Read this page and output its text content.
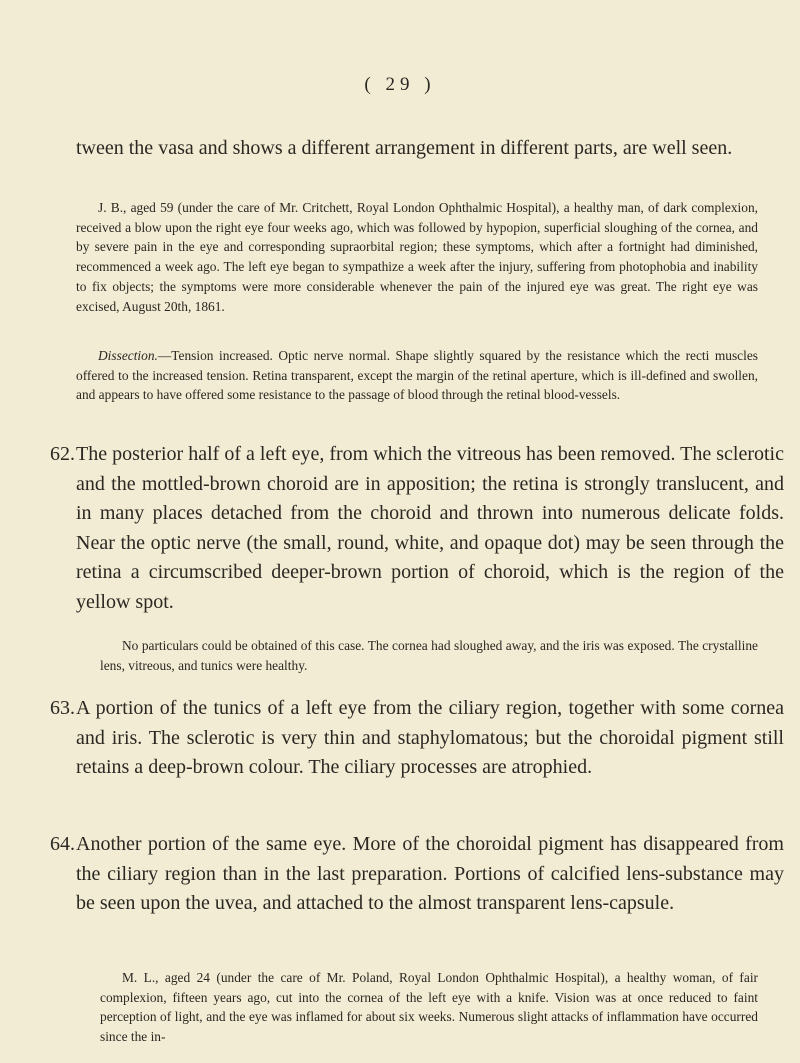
( 29 )

tween the vasa and shows a different arrangement in different parts, are well seen.

J. B., aged 59 (under the care of Mr. Critchett, Royal London Ophthalmic Hospital), a healthy man, of dark complexion, received a blow upon the right eye four weeks ago, which was followed by hypopion, superficial sloughing of the cornea, and by severe pain in the eye and corresponding supraorbital region; these symptoms, which after a fortnight had diminished, recommenced a week ago. The left eye began to sympathize a week after the injury, suffering from photophobia and inability to fix objects; the symptoms were more considerable whenever the pain of the injured eye was great. The right eye was excised, August 20th, 1861.

Dissection.—Tension increased. Optic nerve normal. Shape slightly squared by the resistance which the recti muscles offered to the increased tension. Retina transparent, except the margin of the retinal aperture, which is ill-defined and swollen, and appears to have offered some resistance to the passage of blood through the retinal blood-vessels.

62.The posterior half of a left eye, from which the vitreous has been removed. The sclerotic and the mottled-brown choroid are in apposition; the retina is strongly translucent, and in many places detached from the choroid and thrown into numerous delicate folds. Near the optic nerve (the small, round, white, and opaque dot) may be seen through the retina a circumscribed deeper-brown portion of choroid, which is the region of the yellow spot.

No particulars could be obtained of this case. The cornea had sloughed away, and the iris was exposed. The crystalline lens, vitreous, and tunics were healthy.

63.A portion of the tunics of a left eye from the ciliary region, together with some cornea and iris. The sclerotic is very thin and staphylomatous; but the choroidal pigment still retains a deep-brown colour. The ciliary processes are atrophied.

64.Another portion of the same eye. More of the choroidal pigment has disappeared from the ciliary region than in the last preparation. Portions of calcified lens-substance may be seen upon the uvea, and attached to the almost transparent lens-capsule.

M. L., aged 24 (under the care of Mr. Poland, Royal London Ophthalmic Hospital), a healthy woman, of fair complexion, fifteen years ago, cut into the cornea of the left eye with a knife. Vision was at once reduced to faint perception of light, and the eye was inflamed for about six weeks. Numerous slight attacks of inflammation have occurred since the in-
